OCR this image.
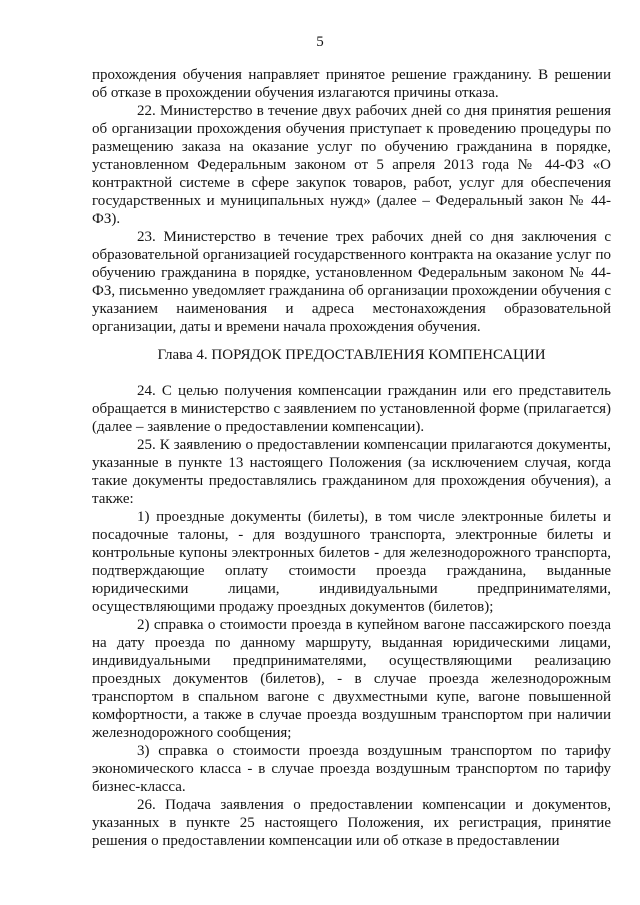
5

прохождения обучения направляет принятое решение гражданину. В решении об отказе в прохождении обучения излагаются причины отказа.

22. Министерство в течение двух рабочих дней со дня принятия решения об организации прохождения обучения приступает к проведению процедуры по размещению заказа на оказание услуг по обучению гражданина в порядке, установленном Федеральным законом от 5 апреля 2013 года № 44-ФЗ «О контрактной системе в сфере закупок товаров, работ, услуг для обеспечения государственных и муниципальных нужд» (далее – Федеральный закон № 44-ФЗ).

23. Министерство в течение трех рабочих дней со дня заключения с образовательной организацией государственного контракта на оказание услуг по обучению гражданина в порядке, установленном Федеральным законом № 44-ФЗ, письменно уведомляет гражданина об организации прохождении обучения с указанием наименования и адреса местонахождения образовательной организации, даты и времени начала прохождения обучения.

Глава 4. ПОРЯДОК ПРЕДОСТАВЛЕНИЯ КОМПЕНСАЦИИ

24. С целью получения компенсации гражданин или его представитель обращается в министерство с заявлением по установленной форме (прилагается) (далее – заявление о предоставлении компенсации).

25. К заявлению о предоставлении компенсации прилагаются документы, указанные в пункте 13 настоящего Положения (за исключением случая, когда такие документы предоставлялись гражданином для прохождения обучения), а также:

1) проездные документы (билеты), в том числе электронные билеты и посадочные талоны, - для воздушного транспорта, электронные билеты и контрольные купоны электронных билетов - для железнодорожного транспорта, подтверждающие оплату стоимости проезда гражданина, выданные юридическими лицами, индивидуальными предпринимателями, осуществляющими продажу проездных документов (билетов);

2) справка о стоимости проезда в купейном вагоне пассажирского поезда на дату проезда по данному маршруту, выданная юридическими лицами, индивидуальными предпринимателями, осуществляющими реализацию проездных документов (билетов), - в случае проезда железнодорожным транспортом в спальном вагоне с двухместными купе, вагоне повышенной комфортности, а также в случае проезда воздушным транспортом при наличии железнодорожного сообщения;

3) справка о стоимости проезда воздушным транспортом по тарифу экономического класса - в случае проезда воздушным транспортом по тарифу бизнес-класса.

26. Подача заявления о предоставлении компенсации и документов, указанных в пункте 25 настоящего Положения, их регистрация, принятие решения о предоставлении компенсации или об отказе в предоставлении
